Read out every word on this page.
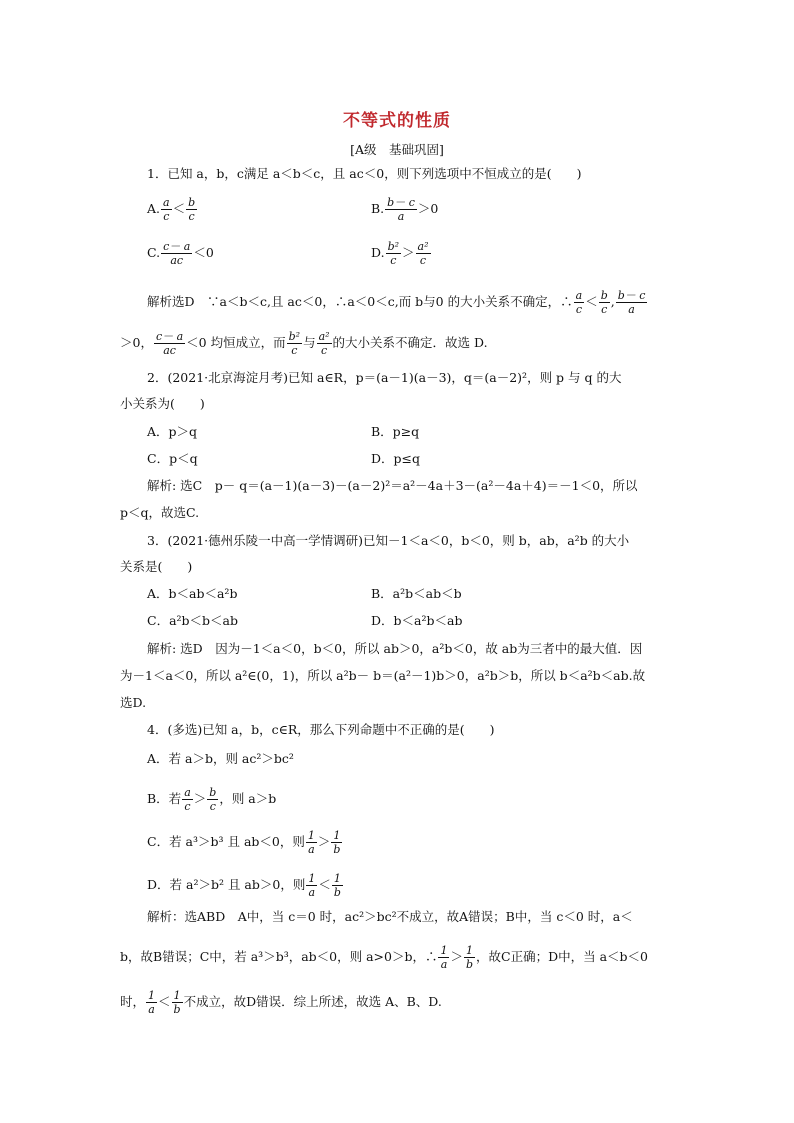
不等式的性质
[A级　基础巩固]
1．已知 a，b，c满足 a＜b＜c，且 ac＜0，则下列选项中不恒成立的是(　　)
A. $\frac{a}{c} < \frac{b}{c}$	B. $\frac{b- c}{a} >0$
C. $\frac{c- a}{ac} <0$	D. $\frac{\text{b²}}{c} > \frac{\text{a²}}{c}$
解析选D　∵a＜b＜c,且 ac＜0，∴a＜0＜c,而 b与0 的大小关系不确定，∴ $\frac{a}{c} < \frac{b}{c}$ , $\frac{b- c}{a}$
＞0， $\frac{c- a}{ac} <0$ 均恒成立，而 $\frac{\text{b²}}{c}$ 与 $\frac{\text{a²}}{c}$ 的大小关系不确定．故选 D.
2．(2021·北京海淀月考)已知 a∈R，p＝(a－1)(a－3)，q＝(a－2)²，则 p 与 q 的大
小关系为(　　)
A．p＞q	B．p≥q
C．p＜q	D．p≤q
解析: 选C　p－ q＝(a－1)(a－3)－(a－2)²＝a²－4a＋3－(a²－4a＋4)＝－1＜0，所以
p＜q，故选C.
3．(2021·德州乐陵一中高一学情调研)已知－1＜a＜0，b＜0，则 b，ab，a²b 的大小
关系是(　　)
A．b＜ab＜a²b	B．a²b＜ab＜b
C．a²b＜b＜ab	D．b＜a²b＜ab
解析: 选D　因为－1＜a＜0，b＜0，所以 ab＞0，a²b＜0，故 ab为三者中的最大值．因
为－1＜a＜0，所以 a²∈(0，1)，所以 a²b－ b＝(a²－1)b＞0，a²b＞b，所以 b＜a²b＜ab.故
选D.
4．(多选)已知 a，b，c∈R，那么下列命题中不正确的是(　　)
A．若 a＞b，则 ac²＞bc²
B．若 $\frac{a}{c} > \frac{b}{c}$ ，则 a＞b
C．若 a³＞b³ 且 ab＜0，则 $\frac{1}{a} > \frac{1}{b}$
D．若 a²＞b² 且 ab＞0，则 $\frac{1}{a} < \frac{1}{b}$
解析：选ABD　A中，当 c＝0 时，ac²＞bc²不成立，故A错误；B中，当 c＜0 时，a＜
b，故B错误；C中，若 a³＞b³，ab＜0，则 a>0＞b，∴ $\frac{1}{a} > \frac{1}{b}$ ，故C正确；D中，当 a＜b＜0
时， $\frac{1}{a} < \frac{1}{b}$ 不成立，故D错误．综上所述，故选 A、B、D.
